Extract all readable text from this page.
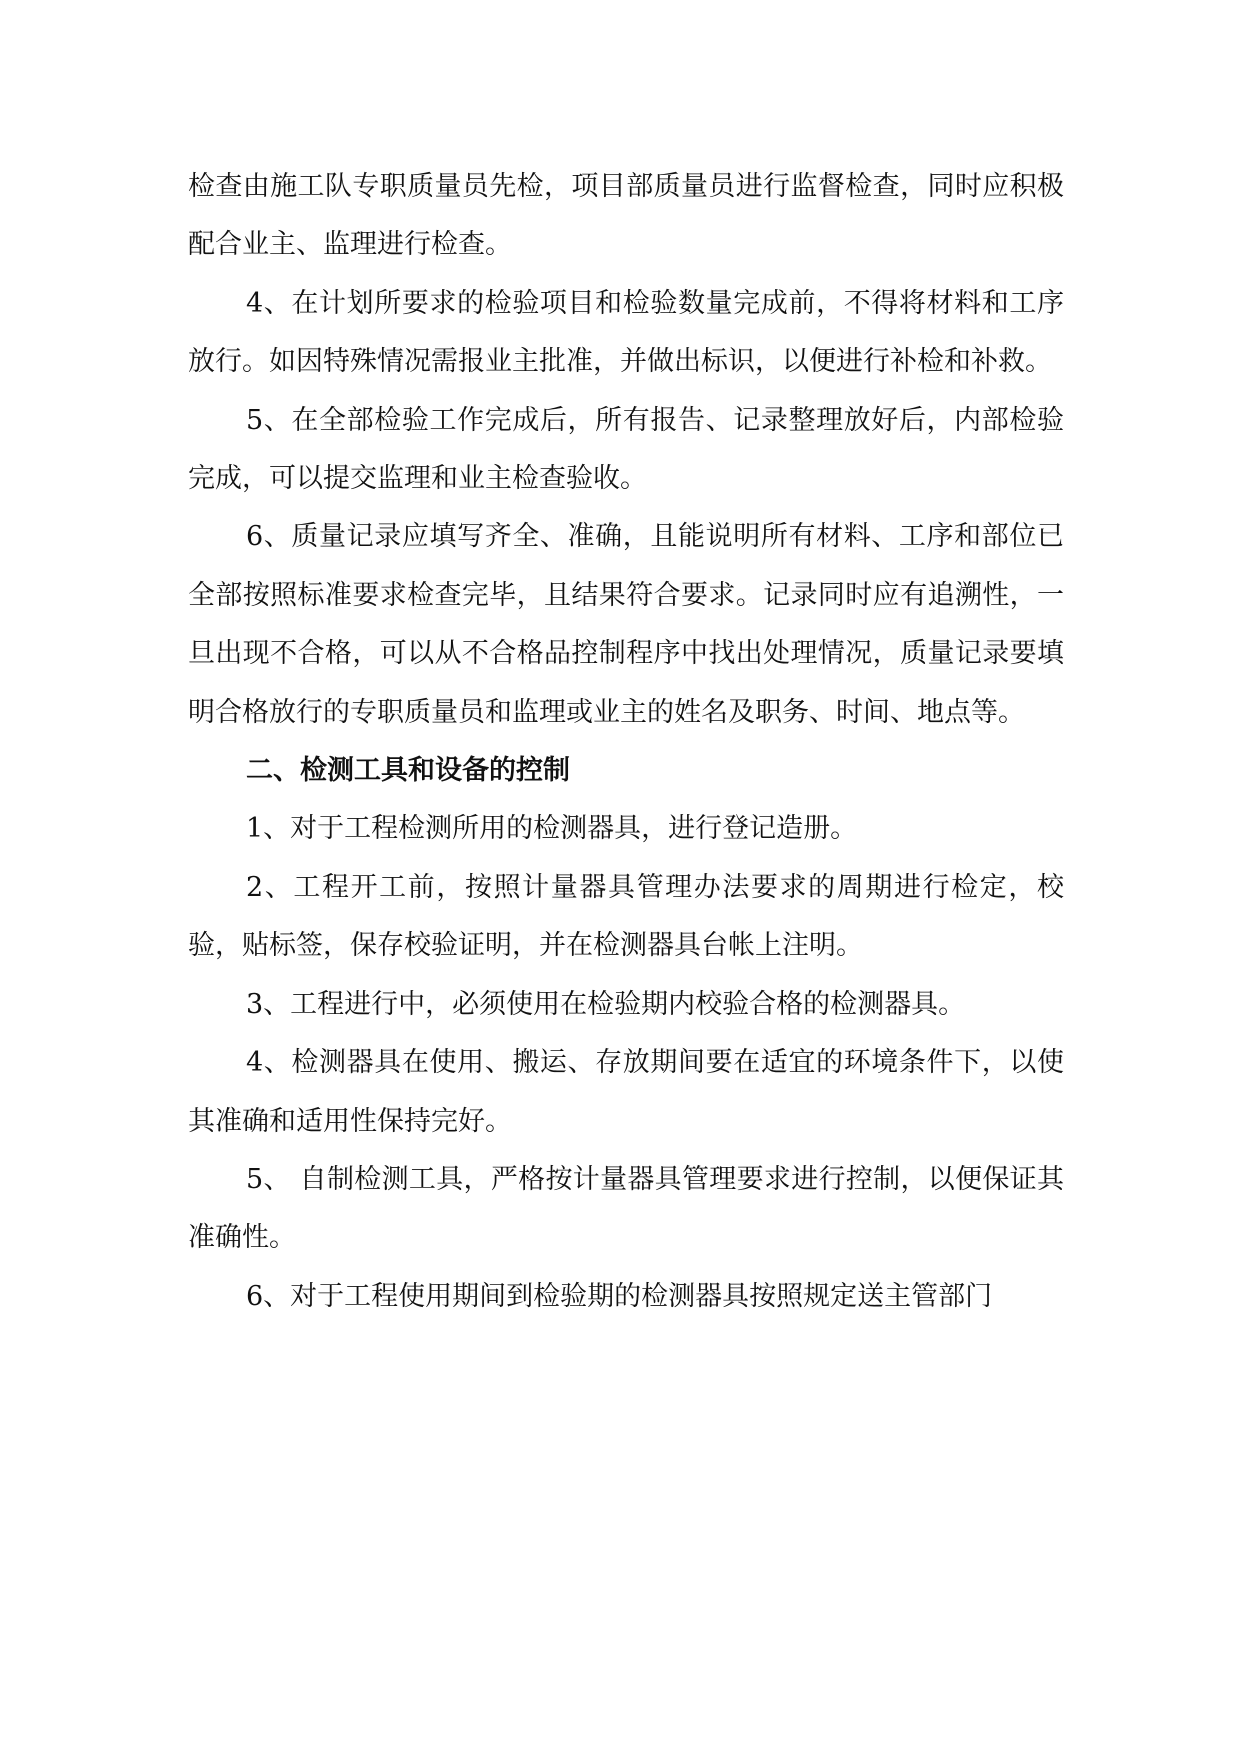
检查由施工队专职质量员先检，项目部质量员进行监督检查，同时应积极配合业主、监理进行检查。

4、在计划所要求的检验项目和检验数量完成前，不得将材料和工序放行。如因特殊情况需报业主批准，并做出标识，以便进行补检和补救。

5、在全部检验工作完成后，所有报告、记录整理放好后，内部检验完成，可以提交监理和业主检查验收。

6、质量记录应填写齐全、准确，且能说明所有材料、工序和部位已全部按照标准要求检查完毕，且结果符合要求。记录同时应有追溯性，一旦出现不合格，可以从不合格品控制程序中找出处理情况，质量记录要填明合格放行的专职质量员和监理或业主的姓名及职务、时间、地点等。

二、检测工具和设备的控制

1、对于工程检测所用的检测器具，进行登记造册。

2、工程开工前，按照计量器具管理办法要求的周期进行检定，校验，贴标签，保存校验证明，并在检测器具台帐上注明。

3、工程进行中，必须使用在检验期内校验合格的检测器具。

4、检测器具在使用、搬运、存放期间要在适宜的环境条件下，以使其准确和适用性保持完好。

5、 自制检测工具，严格按计量器具管理要求进行控制，以便保证其准确性。

6、对于工程使用期间到检验期的检测器具按照规定送主管部门
